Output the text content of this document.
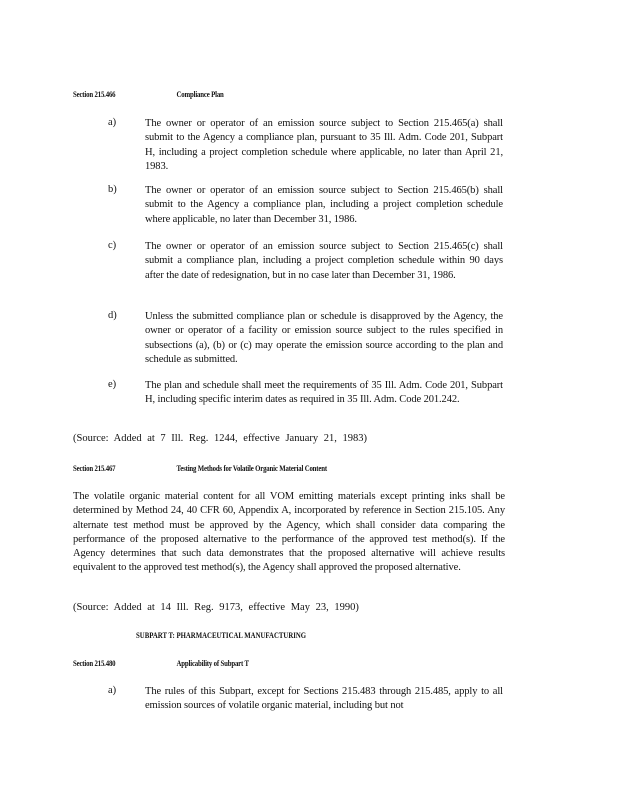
Section 215.466	Compliance Plan
a)	The owner or operator of an emission source subject to Section 215.465(a) shall submit to the Agency a compliance plan, pursuant to 35 Ill. Adm. Code 201, Subpart H, including a project completion schedule where applicable, no later than April 21, 1983.
b)	The owner or operator of an emission source subject to Section 215.465(b) shall submit to the Agency a compliance plan, including a project completion schedule where applicable, no later than December 31, 1986.
c)	The owner or operator of an emission source subject to Section 215.465(c) shall submit a compliance plan, including a project completion schedule within 90 days after the date of redesignation, but in no case later than December 31, 1986.
d)	Unless the submitted compliance plan or schedule is disapproved by the Agency, the owner or operator of a facility or emission source subject to the rules specified in subsections (a), (b) or (c) may operate the emission source according to the plan and schedule as submitted.
e)	The plan and schedule shall meet the requirements of 35 Ill. Adm. Code 201, Subpart H, including specific interim dates as required in 35 Ill. Adm. Code 201.242.
(Source: Added at 7 Ill. Reg. 1244, effective January 21, 1983)
Section 215.467	Testing Methods for Volatile Organic Material Content
The volatile organic material content for all VOM emitting materials except printing inks shall be determined by Method 24, 40 CFR 60, Appendix A, incorporated by reference in Section 215.105. Any alternate test method must be approved by the Agency, which shall consider data comparing the performance of the proposed alternative to the performance of the approved test method(s). If the Agency determines that such data demonstrates that the proposed alternative will achieve results equivalent to the approved test method(s), the Agency shall approved the proposed alternative.
(Source: Added at 14 Ill. Reg. 9173, effective May 23, 1990)
SUBPART T: PHARMACEUTICAL MANUFACTURING
Section 215.480	Applicability of Subpart T
a)	The rules of this Subpart, except for Sections 215.483 through 215.485, apply to all emission sources of volatile organic material, including but not
